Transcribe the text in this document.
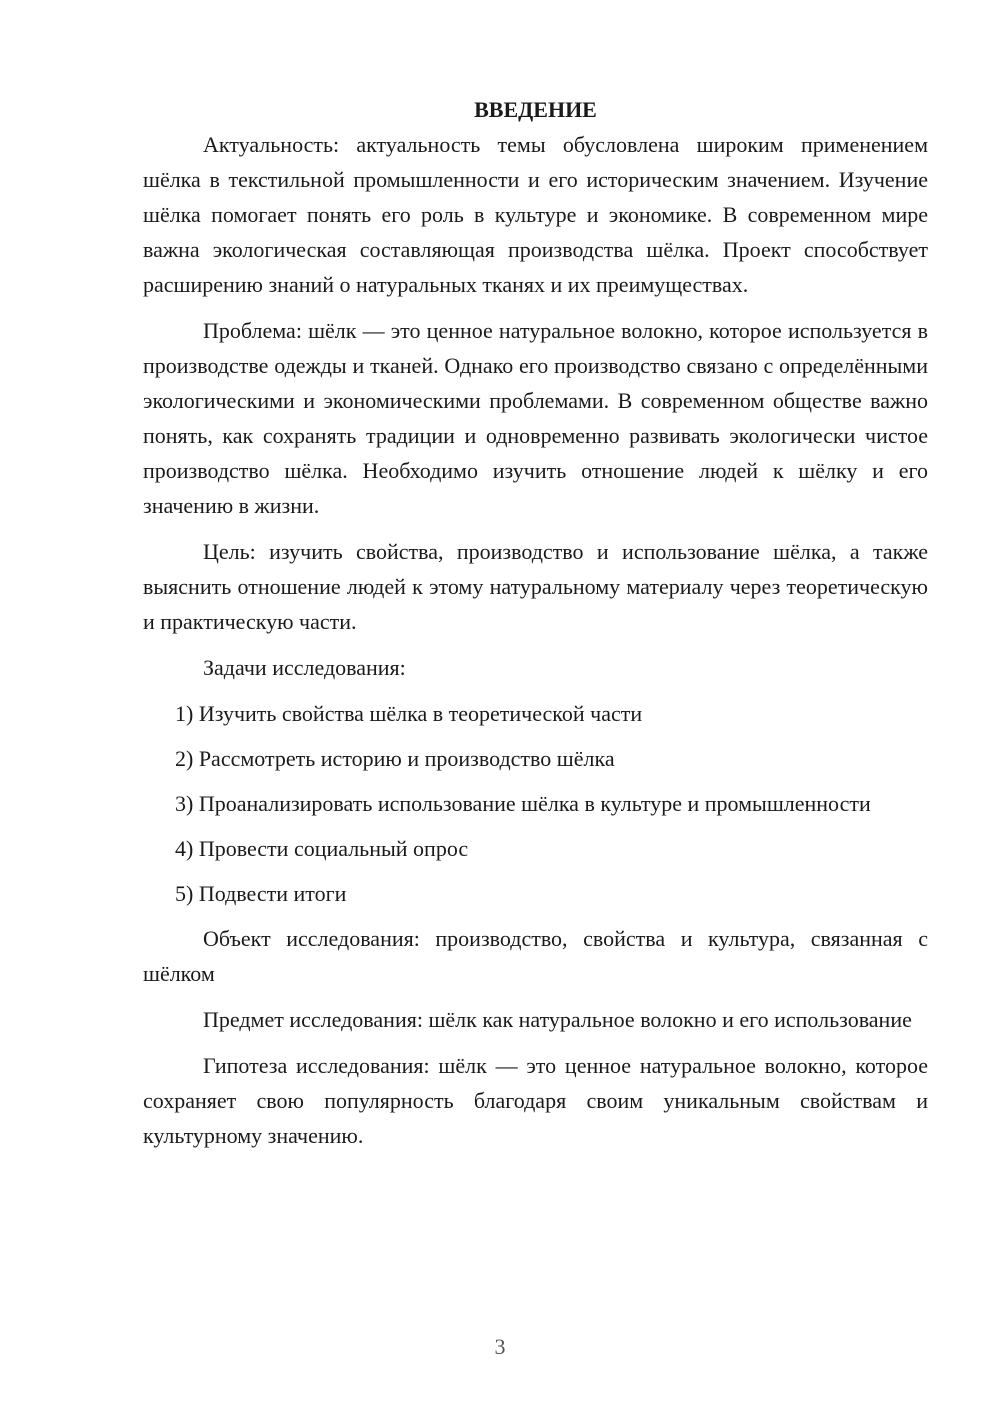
ВВЕДЕНИЕ

Актуальность: актуальность темы обусловлена широким применением шёлка в текстильной промышленности и его историческим значением. Изучение шёлка помогает понять его роль в культуре и экономике. В современном мире важна экологическая составляющая производства шёлка. Проект способствует расширению знаний о натуральных тканях и их преимуществах.

Проблема: шёлк — это ценное натуральное волокно, которое используется в производстве одежды и тканей. Однако его производство связано с определёнными экологическими и экономическими проблемами. В современном обществе важно понять, как сохранять традиции и одновременно развивать экологически чистое производство шёлка. Необходимо изучить отношение людей к шёлку и его значению в жизни.

Цель: изучить свойства, производство и использование шёлка, а также выяснить отношение людей к этому натуральному материалу через теоретическую и практическую части.

Задачи исследования:

1) Изучить свойства шёлка в теоретической части

2) Рассмотреть историю и производство шёлка

3) Проанализировать использование шёлка в культуре и промышленности

4) Провести социальный опрос

5) Подвести итоги

Объект исследования: производство, свойства и культура, связанная с шёлком

Предмет исследования: шёлк как натуральное волокно и его использование

Гипотеза исследования: шёлк — это ценное натуральное волокно, которое сохраняет свою популярность благодаря своим уникальным свойствам и культурному значению.

3
